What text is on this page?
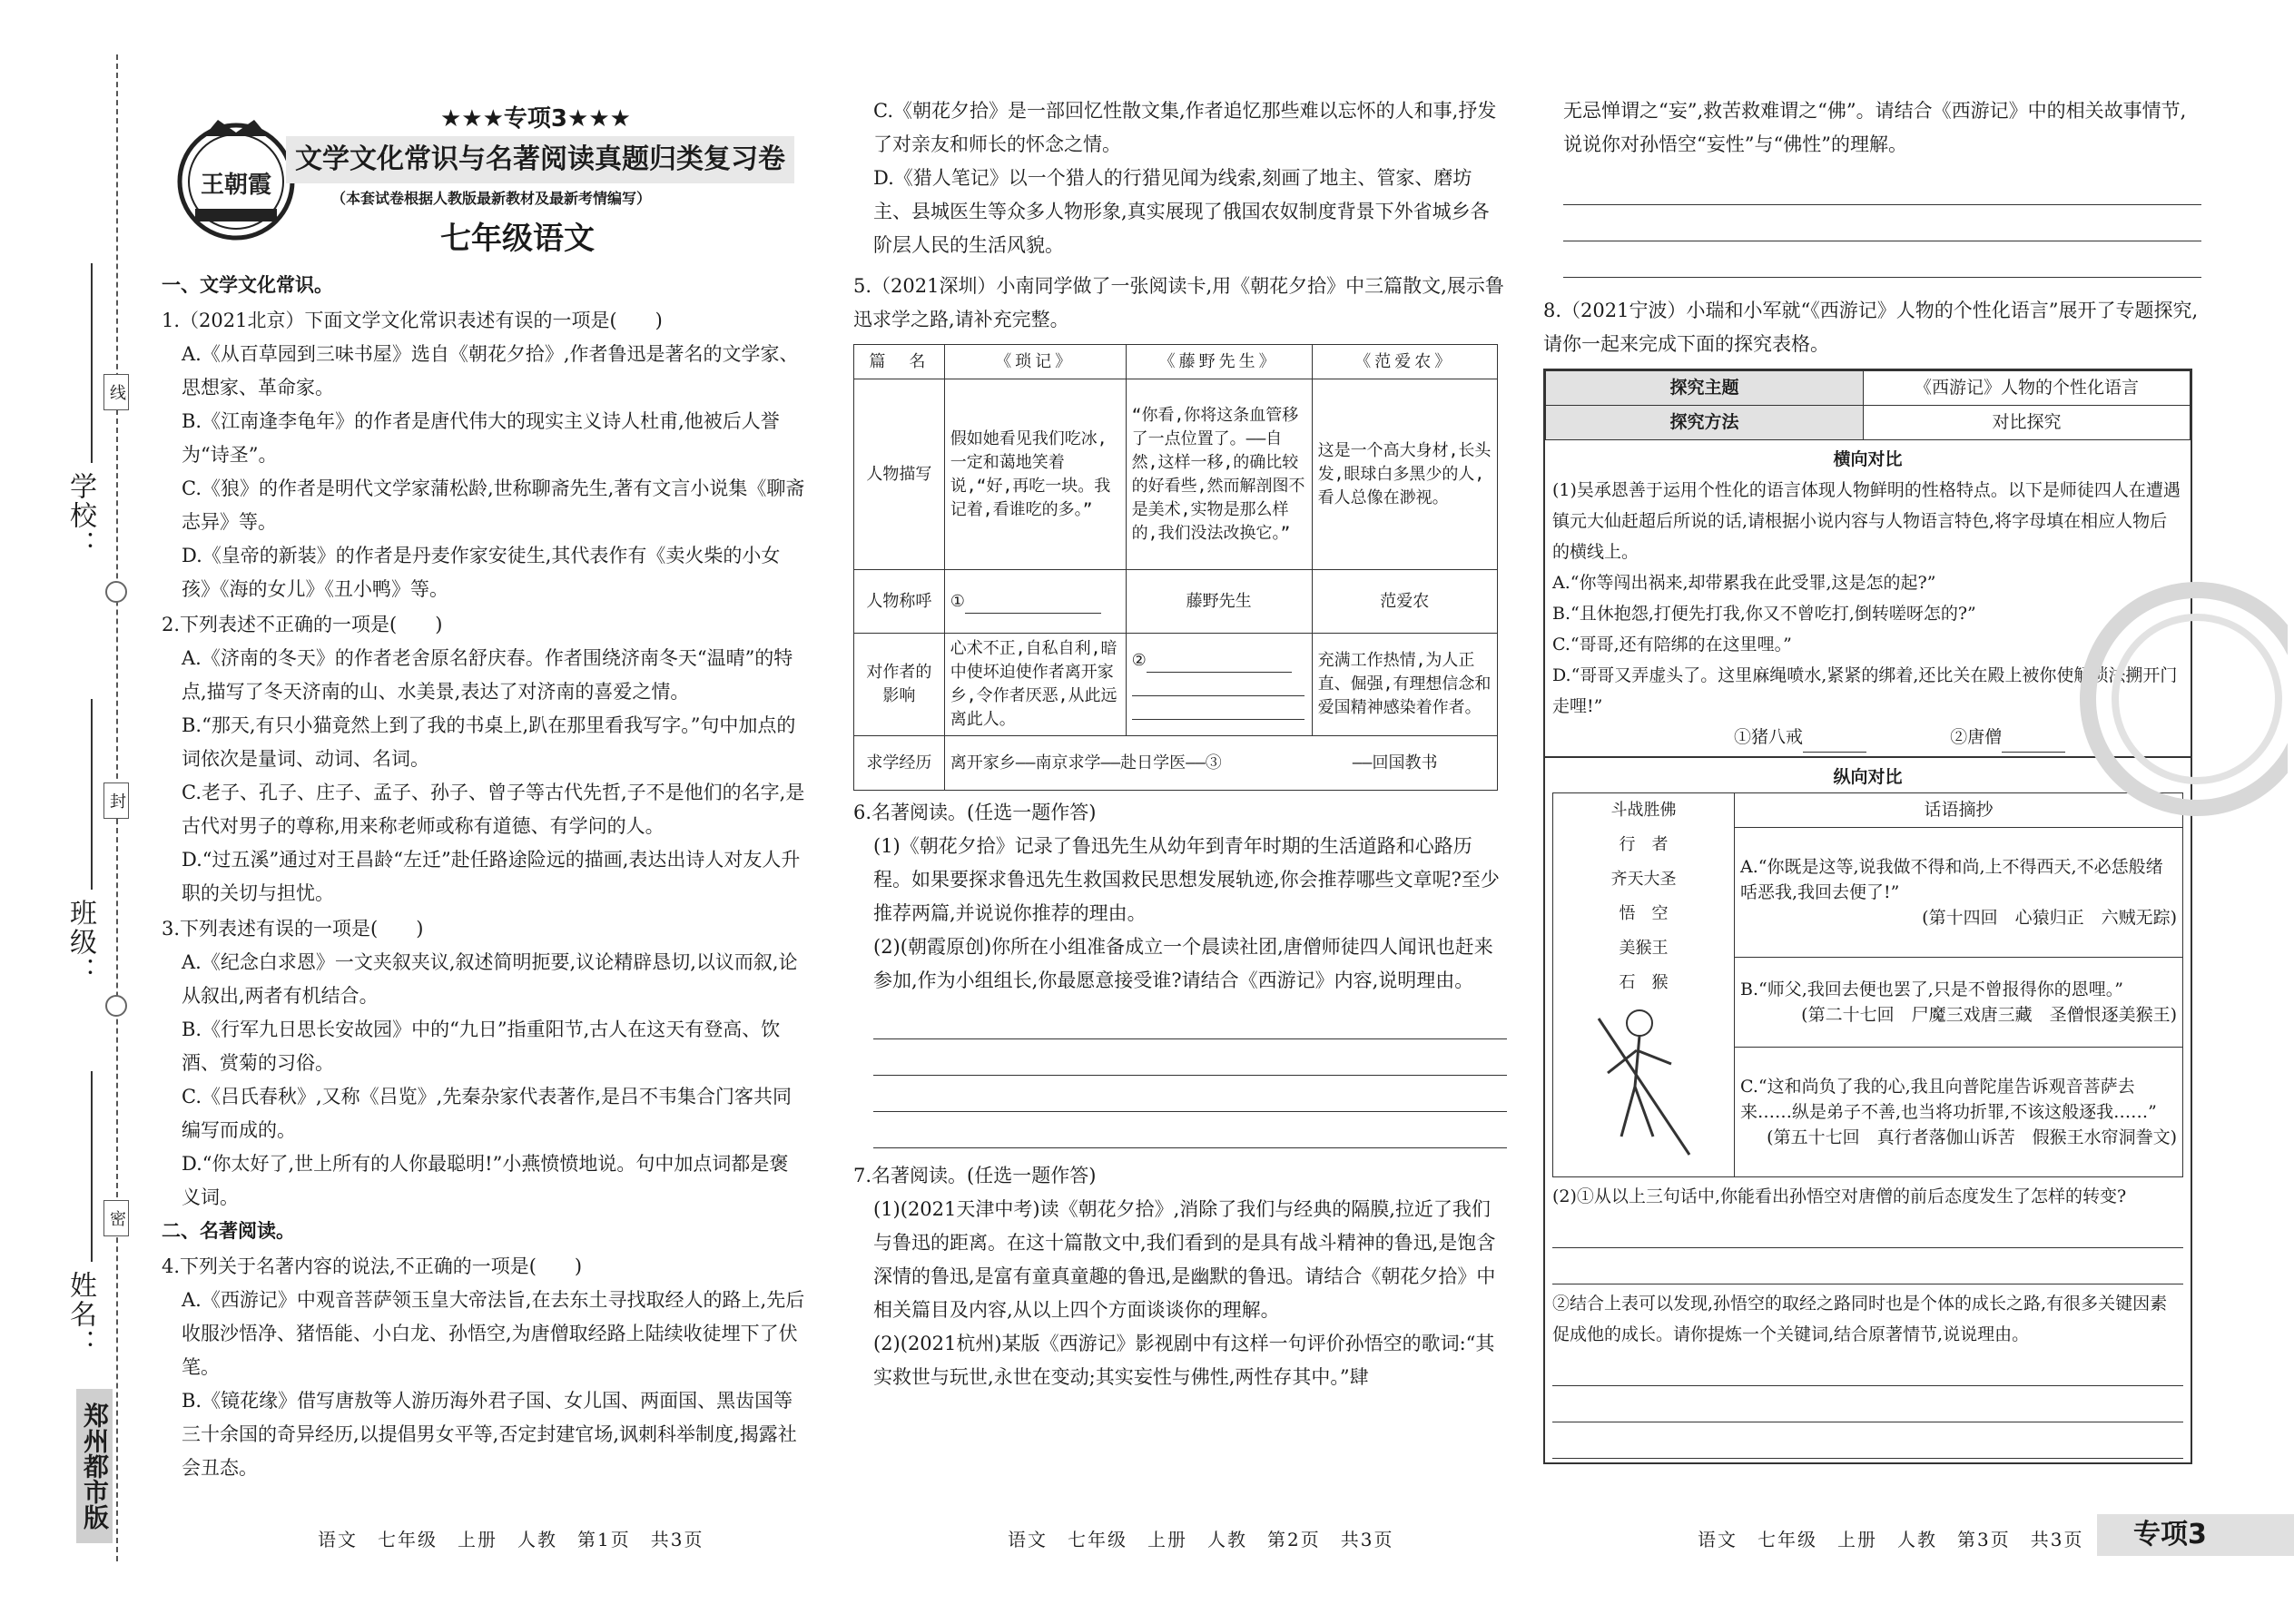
线
封
密
学校：
班级：
姓名：
郑州都市版
王朝霞
★★★专项3★★★
文学文化常识与名著阅读真题归类复习卷
（本套试卷根据人教版最新教材及最新考情编写）
七年级语文
一、文学文化常识。
1.（2021北京）下面文学文化常识表述有误的一项是(　　)
A.《从百草园到三味书屋》选自《朝花夕拾》,作者鲁迅是著名的文学家、思想家、革命家。
B.《江南逢李龟年》的作者是唐代伟大的现实主义诗人杜甫,他被后人誉为“诗圣”。
C.《狼》的作者是明代文学家蒲松龄,世称聊斋先生,著有文言小说集《聊斋志异》等。
D.《皇帝的新装》的作者是丹麦作家安徒生,其代表作有《卖火柴的小女孩》《海的女儿》《丑小鸭》等。
2.下列表述不正确的一项是(　　)
A.《济南的冬天》的作者老舍原名舒庆春。作者围绕济南冬天“温晴”的特点,描写了冬天济南的山、水美景,表达了对济南的喜爱之情。
B.“那天,有只小猫竟然上到了我的书桌上,趴在那里看我写字。”句中加点的词依次是量词、动词、名词。
C.老子、孔子、庄子、孟子、孙子、曾子等古代先哲,子不是他们的名字,是古代对男子的尊称,用来称老师或称有道德、有学问的人。
D.“过五溪”通过对王昌龄“左迁”赴任路途险远的描画,表达出诗人对友人升职的关切与担忧。
3.下列表述有误的一项是(　　)
A.《纪念白求恩》一文夹叙夹议,叙述简明扼要,议论精辟恳切,以议而叙,论从叙出,两者有机结合。
B.《行军九日思长安故园》中的“九日”指重阳节,古人在这天有登高、饮酒、赏菊的习俗。
C.《吕氏春秋》,又称《吕览》,先秦杂家代表著作,是吕不韦集合门客共同编写而成的。
D.“你太好了,世上所有的人你最聪明!”小燕愤愤地说。句中加点词都是褒义词。
二、名著阅读。
4.下列关于名著内容的说法,不正确的一项是(　　)
A.《西游记》中观音菩萨领玉皇大帝法旨,在去东土寻找取经人的路上,先后收服沙悟净、猪悟能、小白龙、孙悟空,为唐僧取经路上陆续收徒埋下了伏笔。
B.《镜花缘》借写唐敖等人游历海外君子国、女儿国、两面国、黑齿国等三十余国的奇异经历,以提倡男女平等,否定封建官场,讽刺科举制度,揭露社会丑态。
C.《朝花夕拾》是一部回忆性散文集,作者追忆那些难以忘怀的人和事,抒发了对亲友和师长的怀念之情。
D.《猎人笔记》以一个猎人的行猎见闻为线索,刻画了地主、管家、磨坊主、县城医生等众多人物形象,真实展现了俄国农奴制度背景下外省城乡各阶层人民的生活风貌。
5.（2021深圳）小南同学做了一张阅读卡,用《朝花夕拾》中三篇散文,展示鲁迅求学之路,请补充完整。
篇　名	《琐记》	《藤野先生》	《范爱农》
人物描写	假如她看见我们吃冰,一定和蔼地笑着说,“好,再吃一块。我记着,看谁吃的多。”	“你看,你将这条血管移了一点位置了。——自然,这样一移,的确比较的好看些,然而解剖图不是美术,实物是那么样的,我们没法改换它。”	这是一个高大身材,长头发,眼球白多黑少的人,看人总像在渺视。
人物称呼	①	藤野先生	范爱农
对作者的影响	心术不正,自私自利,暗中使坏迫使作者离开家乡,令作者厌恶,从此远离此人。	②	充满工作热情,为人正直、倔强,有理想信念和爱国精神感染着作者。
求学经历	离开家乡——南京求学——赴日学医——③　　　　　　　　——回国教书		
6.名著阅读。(任选一题作答)
(1)《朝花夕拾》记录了鲁迅先生从幼年到青年时期的生活道路和心路历程。如果要探求鲁迅先生救国救民思想发展轨迹,你会推荐哪些文章呢?至少推荐两篇,并说说你推荐的理由。
(2)(朝霞原创)你所在小组准备成立一个晨读社团,唐僧师徒四人闻讯也赶来参加,作为小组组长,你最愿意接受谁?请结合《西游记》内容,说明理由。
7.名著阅读。(任选一题作答)
(1)(2021天津中考)读《朝花夕拾》,消除了我们与经典的隔膜,拉近了我们与鲁迅的距离。在这十篇散文中,我们看到的是具有战斗精神的鲁迅,是饱含深情的鲁迅,是富有童真童趣的鲁迅,是幽默的鲁迅。请结合《朝花夕拾》中相关篇目及内容,从以上四个方面谈谈你的理解。
(2)(2021杭州)某版《西游记》影视剧中有这样一句评价孙悟空的歌词:“其实救世与玩世,永世在变动;其实妄性与佛性,两性存其中。”肆
无忌惮谓之“妄”,救苦救难谓之“佛”。请结合《西游记》中的相关故事情节,说说你对孙悟空“妄性”与“佛性”的理解。
8.（2021宁波）小瑞和小军就“《西游记》人物的个性化语言”展开了专题探究,请你一起来完成下面的探究表格。
探究主题	《西游记》人物的个性化语言
探究方法	对比探究
横向对比
(1)吴承恩善于运用个性化的语言体现人物鲜明的性格特点。以下是师徒四人在遭遇镇元大仙赶超后所说的话,请根据小说内容与人物语言特色,将字母填在相应人物后的横线上。
A.“你等闯出祸来,却带累我在此受罪,这是怎的起?”
B.“且休抱怨,打便先打我,你又不曾吃打,倒转嗟呀怎的?”
C.“哥哥,还有陪绑的在这里哩。”
D.“哥哥又弄虚头了。这里麻绳喷水,紧紧的绑着,还比关在殿上被你使解锁法搠开门走哩!”
①猪八戒	②唐僧
纵向对比
斗战胜佛
行　者
齐天大圣
悟　空
美猴王
石　猴
	话语摘抄

A.“你既是这等,说我做不得和尚,上不得西天,不必恁般绪咶恶我,我回去便了!”
(第十四回　心猿归正　六贼无踪)

B.“师父,我回去便也罢了,只是不曾报得你的恩哩。”
(第二十七回　尸魔三戏唐三藏　圣僧恨逐美猴王)

C.“这和尚负了我的心,我且向普陀崖告诉观音菩萨去来……纵是弟子不善,也当将功折罪,不该这般逐我……”
(第五十七回　真行者落伽山诉苦　假猴王水帘洞誊文)
(2)①从以上三句话中,你能看出孙悟空对唐僧的前后态度发生了怎样的转变?
②结合上表可以发现,孙悟空的取经之路同时也是个体的成长之路,有很多关键因素促成他的成长。请你提炼一个关键词,结合原著情节,说说理由。
语文　七年级　上册　人教　第1页　共3页	语文　七年级　上册　人教　第2页　共3页	语文　七年级　上册　人教　第3页　共3页	专项3
